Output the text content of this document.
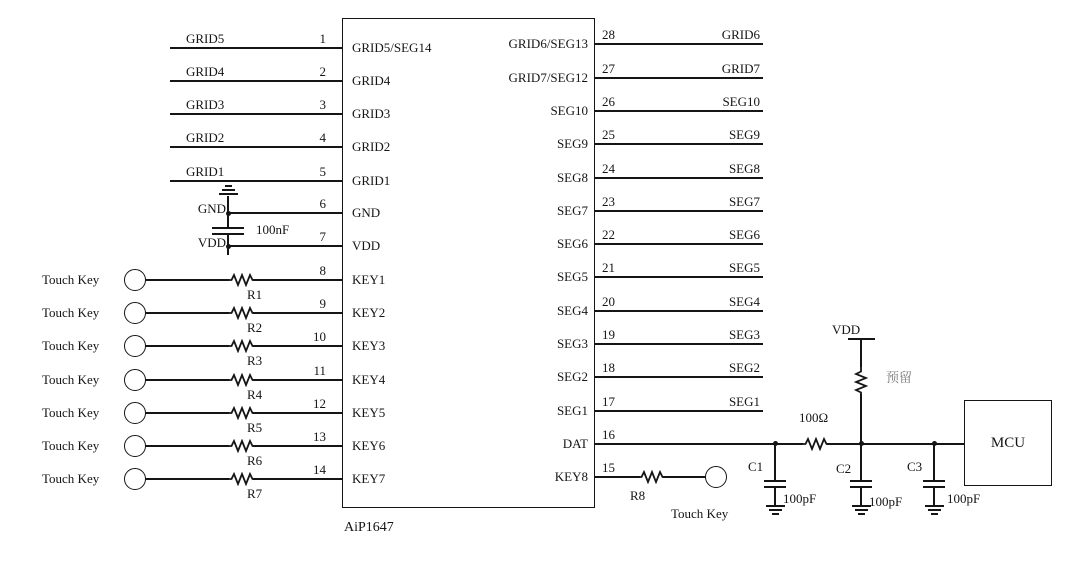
AiP1647
GRID5	1
GRID5/SEG14
GRID4	2
GRID4
GRID3	3
GRID3
GRID2	4
GRID2
GRID1	5
GRID1
GND	6
GND
VDD	7
VDD
100nF
Touch Key
R1
8
KEY1
Touch Key
R2
9
KEY2
Touch Key
R3
10
KEY3
Touch Key
R4
11
KEY4
Touch Key
R5
12
KEY5
Touch Key
R6
13
KEY6
Touch Key
R7
14
KEY7
28	GRID6
GRID6/SEG13
27	GRID7
GRID7/SEG12
26	SEG10
SEG10
25	SEG9
SEG9
24	SEG8
SEG8
23	SEG7
SEG7
22	SEG6
SEG6
21	SEG5
SEG5
20	SEG4
SEG4
19	SEG3
SEG3
18	SEG2
SEG2
17	SEG1
SEG1
16
DAT
100Ω
VDD
预留
C1
100pF
C2
100pF
C3
100pF
MCU
15
KEY8
R8
Touch Key
